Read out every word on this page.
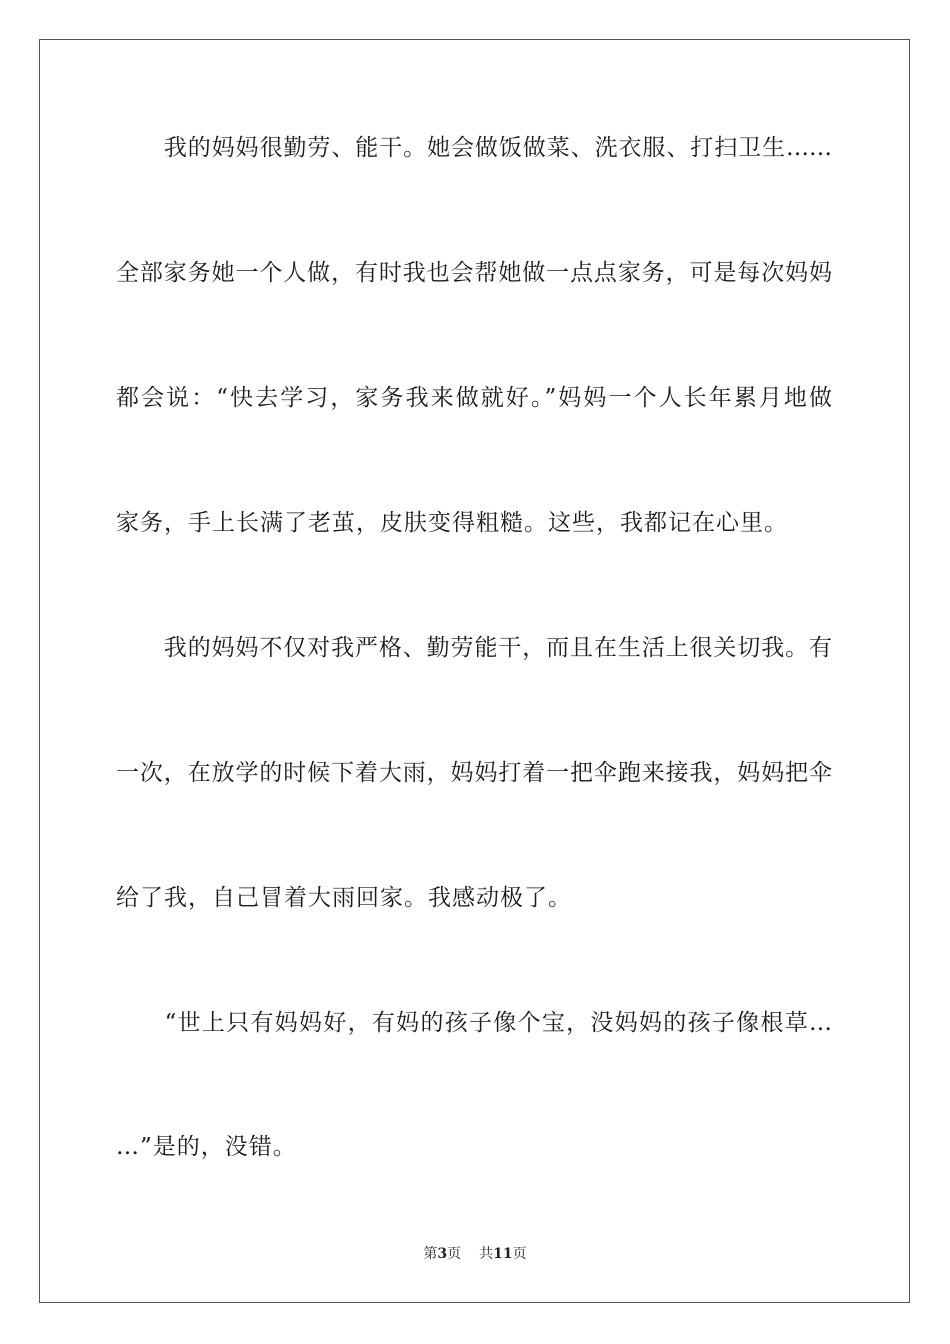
　　我的妈妈很勤劳、能干。她会做饭做菜、洗衣服、打扫卫生……
全部家务她一个人做，有时我也会帮她做一点点家务，可是每次妈妈
都会说：“快去学习，家务我来做就好。”妈妈一个人长年累月地做
家务，手上长满了老茧，皮肤变得粗糙。这些，我都记在心里。
　　我的妈妈不仅对我严格、勤劳能干，而且在生活上很关切我。有
一次，在放学的时候下着大雨，妈妈打着一把伞跑来接我，妈妈把伞
给了我，自己冒着大雨回家。我感动极了。
　　“世上只有妈妈好，有妈的孩子像个宝，没妈妈的孩子像根草…
…”是的，没错。
第3页 共11页
